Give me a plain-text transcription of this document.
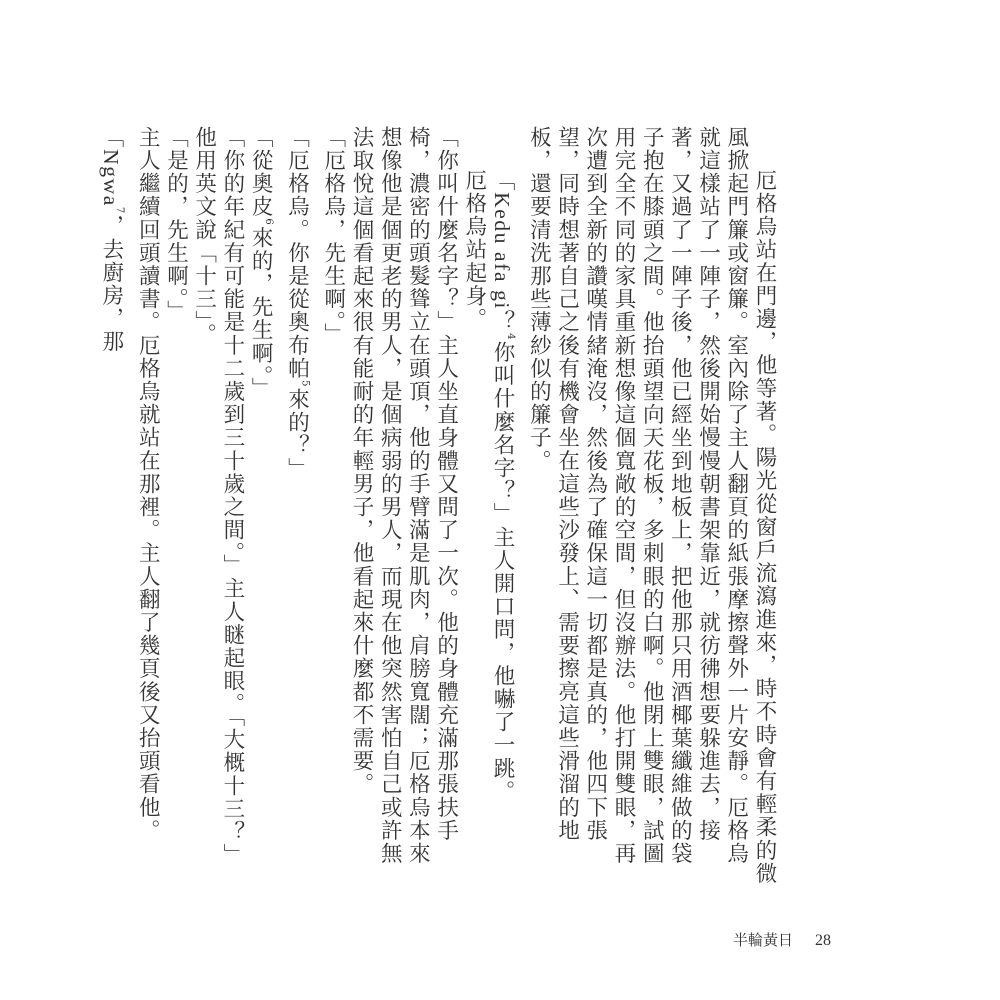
厄格烏站在門邊，他等著。陽光從窗戶流瀉進來，時不時會有輕柔的微風掀起門簾或窗簾。室內除了主人翻頁的紙張摩擦聲外一片安靜。厄格烏就這樣站了一陣子，然後開始慢慢朝書架靠近，就彷彿想要躲進去，接著，又過了一陣子後，他已經坐到地板上，把他那只用酒椰葉纖維做的袋子抱在膝頭之間。他抬頭望向天花板，多刺眼的白啊。他閉上雙眼，試圖用完全不同的家具重新想像這個寬敞的空間，但沒辦法。他打開雙眼，再次遭到全新的讚嘆情緒淹沒，然後為了確保這一切都是真的，他四下張望，同時想著自己之後有機會坐在這些沙發上、需要擦亮這些滑溜的地板，還要清洗那些薄紗似的簾子。

「Kedu afa gi？$^4$你叫什麼名字？」主人開口問，他嚇了一跳。

厄格烏站起身。

「你叫什麼名字？」主人坐直身體又問了一次。他的身體充滿那張扶手椅，濃密的頭髮聳立在頭頂，他的手臂滿是肌肉，肩膀寬闊；厄格烏本來想像他是個更老的男人，是個病弱的男人，而現在他突然害怕自己或許無法取悅這個看起來很有能耐的年輕男子，他看起來什麼都不需要。

「厄格烏，先生啊。」

「厄格烏。你是從奧布帕$^5$來的？」

「從奧皮$^6$來的，先生啊。」

「你的年紀有可能是十二歲到三十歲之間。」主人瞇起眼。「大概十三？」他用英文說「十三」。

「是的，先生啊。」

主人繼續回頭讀書。厄格烏就站在那裡。主人翻了幾頁後又抬頭看他。「Ngwa$^7$，去廚房，那

半輪黃日 28
